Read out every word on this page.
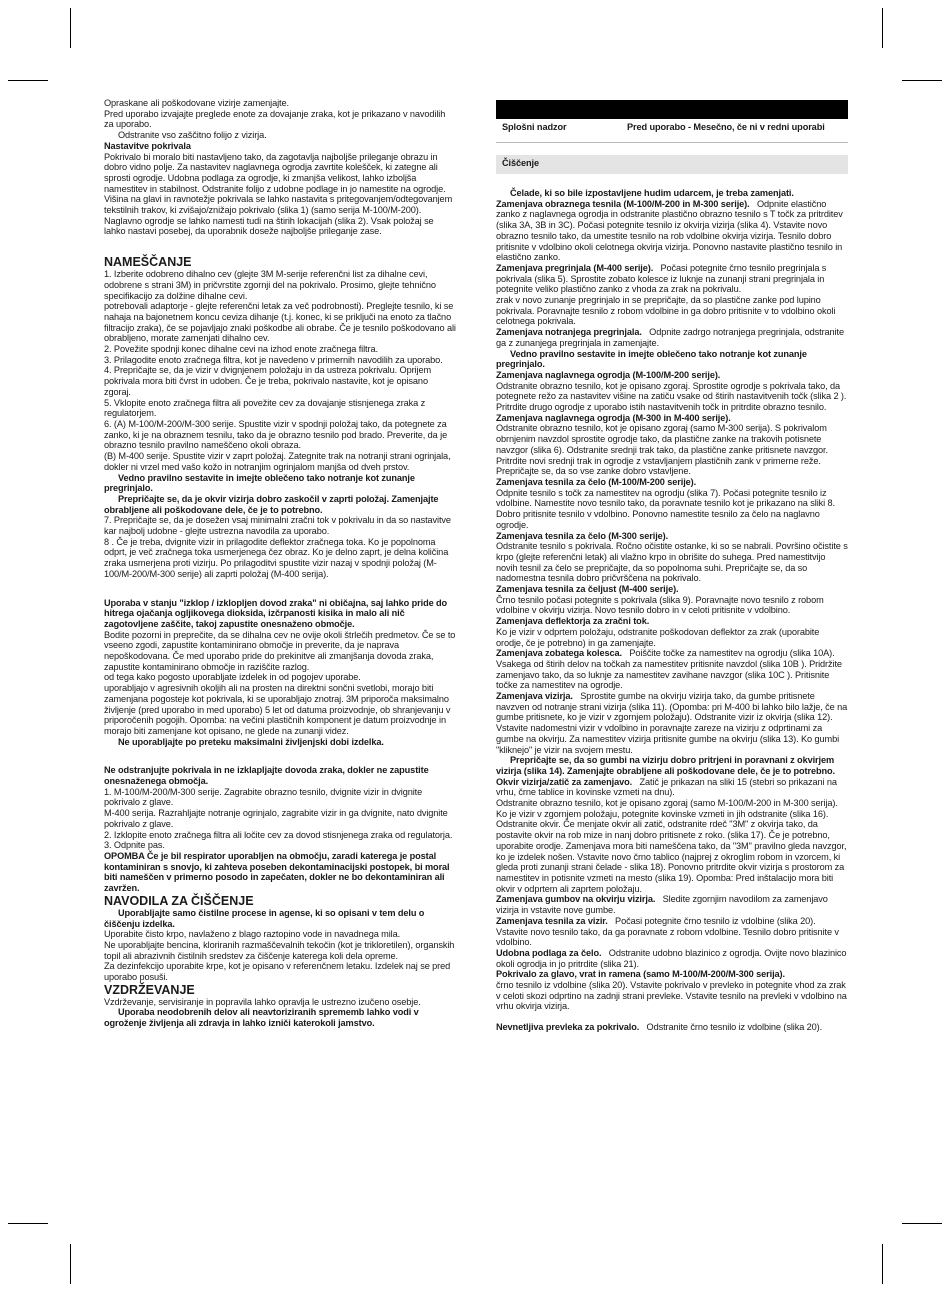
Opraskane ali poškodovane vizirje zamenjajte.

Pred uporabo izvajajte preglede enote za dovajanje zraka, kot je prikazano v navodilih za uporabo.

Odstranite vso zaščitno folijo z vizirja.

Nastavitve pokrivala

Pokrivalo bi moralo biti nastavljeno tako, da zagotavlja najboljše prileganje obrazu in dobro vidno polje. Za nastavitev naglavnega ogrodja zavrtite kolešček, ki zategne ali sprosti ogrodje. Udobna podlaga za ogrodje, ki zmanjša velikost, lahko izboljša namestitev in stabilnost. Odstranite folijo z udobne podlage in jo namestite na ogrodje. Višina na glavi in ravnotežje pokrivala se lahko nastavita s pritegovanjem/odtegovanjem tekstilnih trakov, ki zvišajo/znižajo pokrivalo (slika 1) (samo serija M-100/M-200). Naglavno ogrodje se lahko namesti tudi na štirih lokacijah (slika 2). Vsak položaj se lahko nastavi posebej, da uporabnik doseže najboljše prileganje zase.

NAMEŠČANJE

1. Izberite odobreno dihalno cev (glejte 3M M-serije referenčni list za dihalne cevi, odobrene s strani 3M) in pričvrstite zgornji del na pokrivalo. Prosimo, glejte tehnično specifikacijo za dolžine dihalne cevi.

potrebovali adaptorje - glejte referenčni letak za več podrobnosti). Preglejte tesnilo, ki se nahaja na bajonetnem koncu ceviza dihanje (t.j. konec, ki se priključi na enoto za tlačno filtracijo zraka), če se pojavljajo znaki poškodbe ali obrabe. Če je tesnilo poškodovano ali obrabljeno, morate zamenjati dihalno cev.

2. Povežite spodnji konec dihalne cevi na izhod enote zračnega filtra.

3. Prilagodite enoto zračnega filtra, kot je navedeno v primernih navodilih za uporabo.

4. Prepričajte se, da je vizir v dvignjenem položaju in da ustreza pokrivalu. Oprijem pokrivala mora biti čvrst in udoben. Če je treba, pokrivalo nastavite, kot je opisano zgoraj.

5. Vklopite enoto zračnega filtra ali povežite cev za dovajanje stisnjenega zraka z regulatorjem.

6. (A) M-100/M-200/M-300 serije. Spustite vizir v spodnji položaj tako, da potegnete za zanko, ki je na obraznem tesnilu, tako da je obrazno tesnilo pod brado. Preverite, da je obrazno tesnilo pravilno nameščeno okoli obraza.

(B) M-400 serije. Spustite vizir v zaprt položaj. Zategnite trak na notranji strani ogrinjala, dokler ni vrzel med vašo kožo in notranjim ogrinjalom manjša od dveh prstov.

Vedno pravilno sestavite in imejte oblečeno tako notranje kot zunanje pregrinjalo.

Prepričajte se, da je okvir vizirja dobro zaskočil v zaprti položaj. Zamenjajte obrabljene ali poškodovane dele, če je to potrebno.

7. Prepričajte se, da je dosežen vsaj minimalni zračni tok v pokrivalu in da so nastavitve kar najbolj udobne - glejte ustrezna navodila za uporabo.

8 . Če je treba, dvignite vizir in prilagodite deflektor zračnega toka. Ko je popolnoma odprt, je več zračnega toka usmerjenega čez obraz. Ko je delno zaprt, je delna količina zraka usmerjena proti vizirju. Po prilagoditvi spustite vizir nazaj v spodnji položaj (M-100/M-200/M-300 serije) ali zaprti položaj (M-400 serija).

Uporaba v stanju "izklop / izklopljen dovod zraka" ni običajna, saj lahko pride do hitrega ojačanja ogljikovega dioksida, izčrpanosti kisika in malo ali nič zagotovljene zaščite, takoj zapustite onesnaženo območje.

Bodite pozorni in preprečite, da se dihalna cev ne ovije okoli štrlečih predmetov. Če se to vseeno zgodi, zapustite kontaminirano območje in preverite, da je naprava nepoškodovana. Če med uporabo pride do prekinitve ali zmanjšanja dovoda zraka, zapustite kontaminirano območje in raziščite razlog.

od tega kako pogosto uporabljate izdelek in od pogojev uporabe.

uporabljajo v agresivnih okoljih ali na prosten na direktni sončni svetlobi, morajo biti zamenjana pogosteje kot pokrivala, ki se uporabljajo znotraj. 3M priporoča maksimalno življenje (pred uporabo in med uporabo) 5 let od datuma proizvodnje, ob shranjevanju v priporočenih pogojih. Opomba: na večini plastičnih komponent je datum proizvodnje in morajo biti zamenjane kot opisano, ne glede na zunanji videz.

Ne uporabljajte po preteku maksimalni življenjski dobi izdelka.

Ne odstranjujte pokrivala in ne izklapljajte dovoda zraka, dokler ne zapustite onesnaženega območja.

1. M-100/M-200/M-300 serije. Zagrabite obrazno tesnilo, dvignite vizir in dvignite pokrivalo z glave.

M-400 serija. Razrahljajte notranje ogrinjalo, zagrabite vizir in ga dvignite, nato dvignite pokrivalo z glave.

2. Izklopite enoto zračnega filtra ali ločite cev za dovod stisnjenega zraka od regulatorja.

3. Odpnite pas.

OPOMBA Če je bil respirator uporabljen na območju, zaradi katerega je postal kontaminiran s snovjo, ki zahteva poseben dekontaminacijski postopek, bi moral biti nameščen v primerno posodo in zapečaten, dokler ne bo dekontaminiran ali zavržen.

NAVODILA ZA ČIŠČENJE

Uporabljajte samo čistilne procese in agense, ki so opisani v tem delu o čiščenju izdelka.

Uporabite čisto krpo, navlaženo z blago raztopino vode in navadnega mila.

Ne uporabljajte bencina, kloriranih razmaščevalnih tekočin (kot je trikloretilen), organskih topil ali abrazivnih čistilnih sredstev za čiščenje katerega koli dela opreme.

Za dezinfekcijo uporabite krpe, kot je opisano v referenčnem letaku. Izdelek naj se pred uporabo posuši.

VZDRŽEVANJE

Vzdrževanje, servisiranje in popravila lahko opravlja le ustrezno izučeno osebje.

Uporaba neodobrenih delov ali neavtoriziranih sprememb lahko vodi v ogroženje življenja ali zdravja in lahko izniči katerokoli jamstvo.

Splošni nadzor	Pred uporabo - Mesečno, če ni v redni uporabi
Čiščenje

Čelade, ki so bile izpostavljene hudim udarcem, je treba zamenjati.

Zamenjava obraznega tesnila (M-100/M-200 in M-300 serije).   Odpnite elastično zanko z naglavnega ogrodja in odstranite plastično obrazno tesnilo s T točk za pritrditev (slika 3A, 3B in 3C). Počasi potegnite tesnilo iz okvirja vizirja (slika 4). Vstavite novo obrazno tesnilo tako, da umestite tesnilo na rob vdolbine okvirja vizirja. Tesnilo dobro pritisnite v vdolbino okoli celotnega okvirja vizirja. Ponovno nastavite plastično tesnilo in elastično zanko.

Zamenjava pregrinjala (M-400 serije).   Počasi potegnite črno tesnilo pregrinjala s pokrivala (slika 5). Sprostite zobato kolesce iz luknje na zunanji strani pregrinjala in potegnite veliko plastično zanko z vhoda za zrak na pokrivalu.

zrak v novo zunanje pregrinjalo in se prepričajte, da so plastične zanke pod lupino pokrivala. Poravnajte tesnilo z robom vdolbine in ga dobro pritisnite v to vdolbino okoli celotnega pokrivala.

Zamenjava notranjega pregrinjala.   Odpnite zadrgo notranjega pregrinjala, odstranite ga z zunanjega pregrinjala in zamenjajte.

Vedno pravilno sestavite in imejte oblečeno tako notranje kot zunanje pregrinjalo.

Zamenjava naglavnega ogrodja (M-100/M-200 serije).

Odstranite obrazno tesnilo, kot je opisano zgoraj. Sprostite ogrodje s pokrivala tako, da potegnete režo za nastavitev višine na zatiču vsake od štirih nastavitvenih točk (slika 2 ). Pritrdite drugo ogrodje z uporabo istih nastavitvenih točk in pritrdite obrazno tesnilo.

Zamenjava naglavnega ogrodja (M-300 in M-400 serije).

Odstranite obrazno tesnilo, kot je opisano zgoraj (samo M-300 serija). S pokrivalom obrnjenim navzdol sprostite ogrodje tako, da plastične zanke na trakovih potisnete navzgor (slika 6). Odstranite srednji trak tako, da plastične zanke pritisnete navzgor. Pritrdite novi srednji trak in ogrodje z vstavljanjem plastičnih zank v primerne reže. Prepričajte se, da so vse zanke dobro vstavljene.

Zamenjava tesnila za čelo (M-100/M-200 serije).

Odpnite tesnilo s točk za namestitev na ogrodju (slika 7). Počasi potegnite tesnilo iz vdolbine. Namestite novo tesnilo tako, da poravnate tesnilo kot je prikazano na sliki 8. Dobro pritisnite tesnilo v vdolbino. Ponovno namestite tesnilo za čelo na naglavno ogrodje.

Zamenjava tesnila za čelo (M-300 serije).

Odstranite tesnilo s pokrivala. Ročno očistite ostanke, ki so se nabrali. Površino očistite s krpo (glejte referenčni letak) ali vlažno krpo in obrišite do suhega. Pred namestitvijo novih tesnil za čelo se prepričajte, da so popolnoma suhi. Prepričajte se, da so nadomestna tesnila dobro pričvrščena na pokrivalo.

Zamenjava tesnila za čeljust (M-400 serije).

Črno tesnilo počasi potegnite s pokrivala (slika 9). Poravnajte novo tesnilo z robom vdolbine v okvirju vizirja. Novo tesnilo dobro in v celoti pritisnite v vdolbino.

Zamenjava deflektorja za zračni tok.

Ko je vizir v odprtem položaju, odstranite poškodovan deflektor za zrak (uporabite orodje, če je potrebno) in ga zamenjajte.

Zamenjava zobatega kolesca.   Poiščite točke za namestitev na ogrodju (slika 10A). Vsakega od štirih delov na točkah za namestitev pritisnite navzdol (slika 10B ). Pridržite zamenjavo tako, da so luknje za namestitev zavihane navzgor (slika 10C ). Pritisnite točke za namestitev na ogrodje.

Zamenjava vizirja.   Sprostite gumbe na okvirju vizirja tako, da gumbe pritisnete navzven od notranje strani vizirja (slika 11). (Opomba: pri M-400 bi lahko bilo lažje, če na gumbe pritisnete, ko je vizir v zgornjem položaju). Odstranite vizir iz okvirja (slika 12). Vstavite nadomestni vizir v vdolbino in poravnajte zareze na vizirju z odprtinami za gumbe na okvirju. Za namestitev vizirja pritisnite gumbe na okvirju (slika 13). Ko gumbi "kliknejo" je vizir na svojem mestu.

Prepričajte se, da so gumbi na vizirju dobro pritrjeni in poravnani z okvirjem vizirja (slika 14). Zamenjajte obrabljene ali poškodovane dele, če je to potrebno.

Okvir vizirja/zatič za zamenjavo.   Zatič je prikazan na sliki 15 (stebri so prikazani na vrhu, črne tablice in kovinske vzmeti na dnu).

Odstranite obrazno tesnilo, kot je opisano zgoraj (samo M-100/M-200 in M-300 serija). Ko je vizir v zgornjem položaju, potegnite kovinske vzmeti in jih odstranite (slika 16). Odstranite okvir. Če menjate okvir ali zatič, odstranite rdeč "3M" z okvirja tako, da postavite okvir na rob mize in nanj dobro pritisnete z roko. (slika 17). Če je potrebno, uporabite orodje. Zamenjava mora biti nameščena tako, da "3M" pravilno gleda navzgor, ko je izdelek nošen. Vstavite novo črno tablico (najprej z okroglim robom in vzorcem, ki gleda proti zunanji strani čelade - slika 18). Ponovno pritrdite okvir vizirja s prostorom za namestitev in potisnite vzmeti na mesto (slika 19). Opomba: Pred inštalacijo mora biti okvir v odprtem ali zaprtem položaju.

Zamenjava gumbov na okvirju vizirja.   Sledite zgornjim navodilom za zamenjavo vizirja in vstavite nove gumbe.

Zamenjava tesnila za vizir.   Počasi potegnite črno tesnilo iz vdolbine (slika 20). Vstavite novo tesnilo tako, da ga poravnate z robom vdolbine. Tesnilo dobro pritisnite v vdolbino.

Udobna podlaga za čelo.   Odstranite udobno blazinico z ogrodja. Ovijte novo blazinico okoli ogrodja in jo pritrdite (slika 21).

Pokrivalo za glavo, vrat in ramena (samo M-100/M-200/M-300 serija).

črno tesnilo iz vdolbine (slika 20). Vstavite pokrivalo v prevleko in potegnite vhod za zrak v celoti skozi odprtino na zadnji strani prevleke. Vstavite tesnilo na prevleki v vdolbino na vrhu okvirja vizirja.

Nevnetljiva prevleka za pokrivalo.   Odstranite črno tesnilo iz vdolbine (slika 20).
